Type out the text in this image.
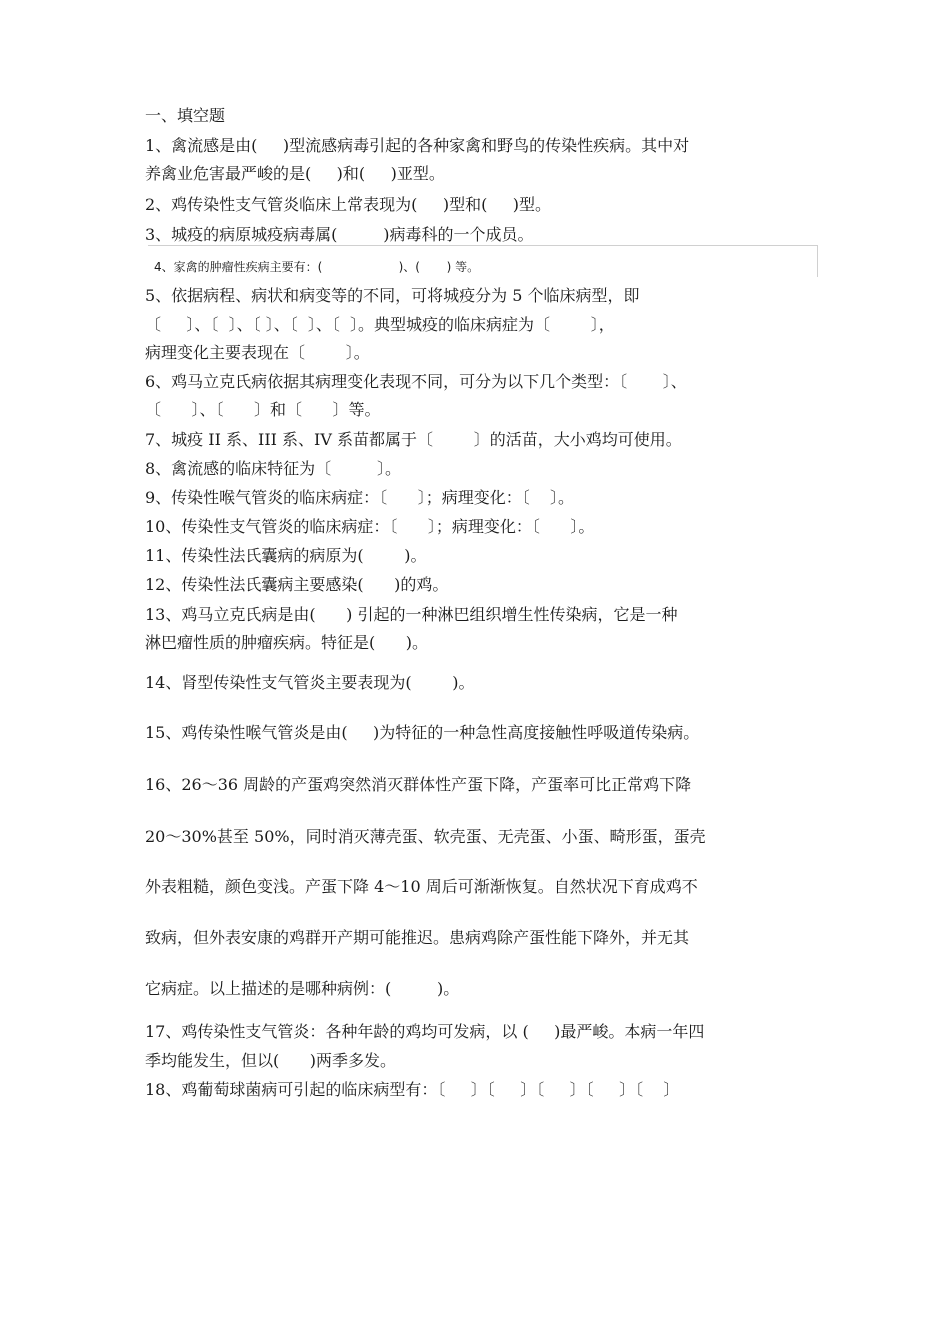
一、填空题
1、禽流感是由(     )型流感病毒引起的各种家禽和野鸟的传染性疾病。其中对
养禽业危害最严峻的是(     )和(     )亚型。
2、鸡传染性支气管炎临床上常表现为(     )型和(     )型。
3、城疫的病原城疫病毒属(         )病毒科的一个成员。
4、家禽的肿瘤性疾病主要有：(                    )、(       ) 等。
5、依据病程、病状和病变等的不同，可将城疫分为 5 个临床病型，即
〔     〕、〔  〕、〔 〕、〔  〕、〔  〕。典型城疫的临床病症为〔        〕，
病理变化主要表现在〔        〕。
6、鸡马立克氏病依据其病理变化表现不同，可分为以下几个类型：〔       〕、
〔      〕、〔      〕和〔      〕等。
7、城疫 II 系、III 系、IV 系苗都属于〔        〕的活苗，大小鸡均可使用。
8、禽流感的临床特征为〔         〕。
9、传染性喉气管炎的临床病症：〔      〕；病理变化：〔    〕。
10、传染性支气管炎的临床病症：〔      〕；病理变化：〔      〕。
11、传染性法氏囊病的病原为(        )。
12、传染性法氏囊病主要感染(      )的鸡。
13、鸡马立克氏病是由(      ) 引起的一种淋巴组织增生性传染病，它是一种
淋巴瘤性质的肿瘤疾病。特征是(      )。
14、肾型传染性支气管炎主要表现为(        )。
15、鸡传染性喉气管炎是由(     )为特征的一种急性高度接触性呼吸道传染病。
16、26～36 周龄的产蛋鸡突然消灭群体性产蛋下降，产蛋率可比正常鸡下降
20～30%甚至 50%，同时消灭薄壳蛋、软壳蛋、无壳蛋、小蛋、畸形蛋，蛋壳
外表粗糙，颜色变浅。产蛋下降 4～10 周后可渐渐恢复。自然状况下育成鸡不
致病，但外表安康的鸡群开产期可能推迟。患病鸡除产蛋性能下降外，并无其
它病症。以上描述的是哪种病例：(         )。
17、鸡传染性支气管炎：各种年龄的鸡均可发病，以 (     )最严峻。本病一年四
季均能发生，但以(      )两季多发。
18、鸡葡萄球菌病可引起的临床病型有：〔     〕〔     〕〔     〕〔     〕〔    〕
